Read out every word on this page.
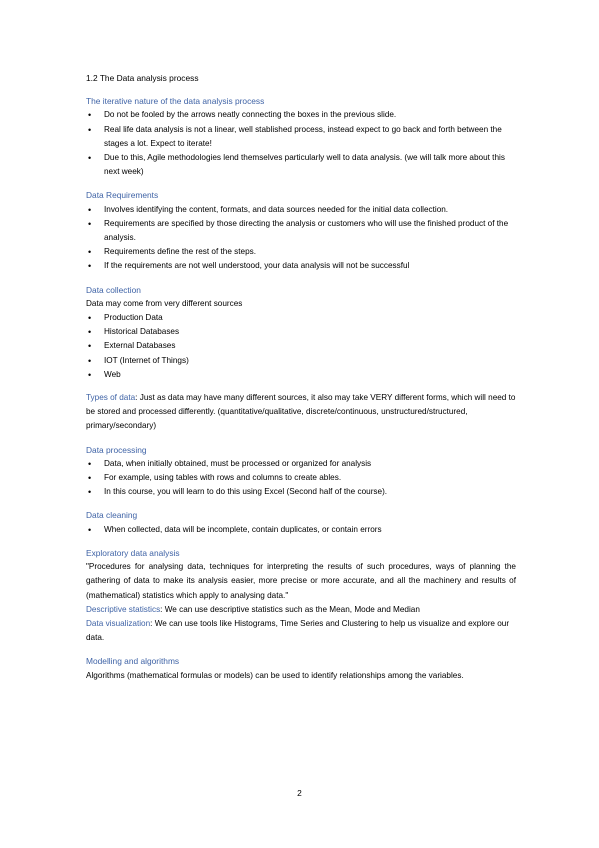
1.2 The Data analysis process

The iterative nature of the data analysis process

• Do not be fooled by the arrows neatly connecting the boxes in the previous slide.
• Real life data analysis is not a linear, well stablished process, instead expect to go back and forth between the stages a lot. Expect to iterate!
• Due to this, Agile methodologies lend themselves particularly well to data analysis. (we will talk more about this next week)

Data Requirements

• Involves identifying the content, formats, and data sources needed for the initial data collection.
• Requirements are specified by those directing the analysis or customers who will use the finished product of the analysis.
• Requirements define the rest of the steps.
• If the requirements are not well understood, your data analysis will not be successful

Data collection

Data may come from very different sources

• Production Data
• Historical Databases
• External Databases
• IOT (Internet of Things)
• Web

Types of data: Just as data may have many different sources, it also may take VERY different forms, which will need to be stored and processed differently. (quantitative/qualitative, discrete/continuous, unstructured/structured, primary/secondary)

Data processing

• Data, when initially obtained, must be processed or organized for analysis
• For example, using tables with rows and columns to create ables.
• In this course, you will learn to do this using Excel (Second half of the course).

Data cleaning

• When collected, data will be incomplete, contain duplicates, or contain errors

Exploratory data analysis

"Procedures for analysing data, techniques for interpreting the results of such procedures, ways of planning the gathering of data to make its analysis easier, more precise or more accurate, and all the machinery and results of (mathematical) statistics which apply to analysing data."

Descriptive statistics: We can use descriptive statistics such as the Mean, Mode and Median

Data visualization: We can use tools like Histograms, Time Series and Clustering to help us visualize and explore our data.

Modelling and algorithms

Algorithms (mathematical formulas or models) can be used to identify relationships among the variables.

2
